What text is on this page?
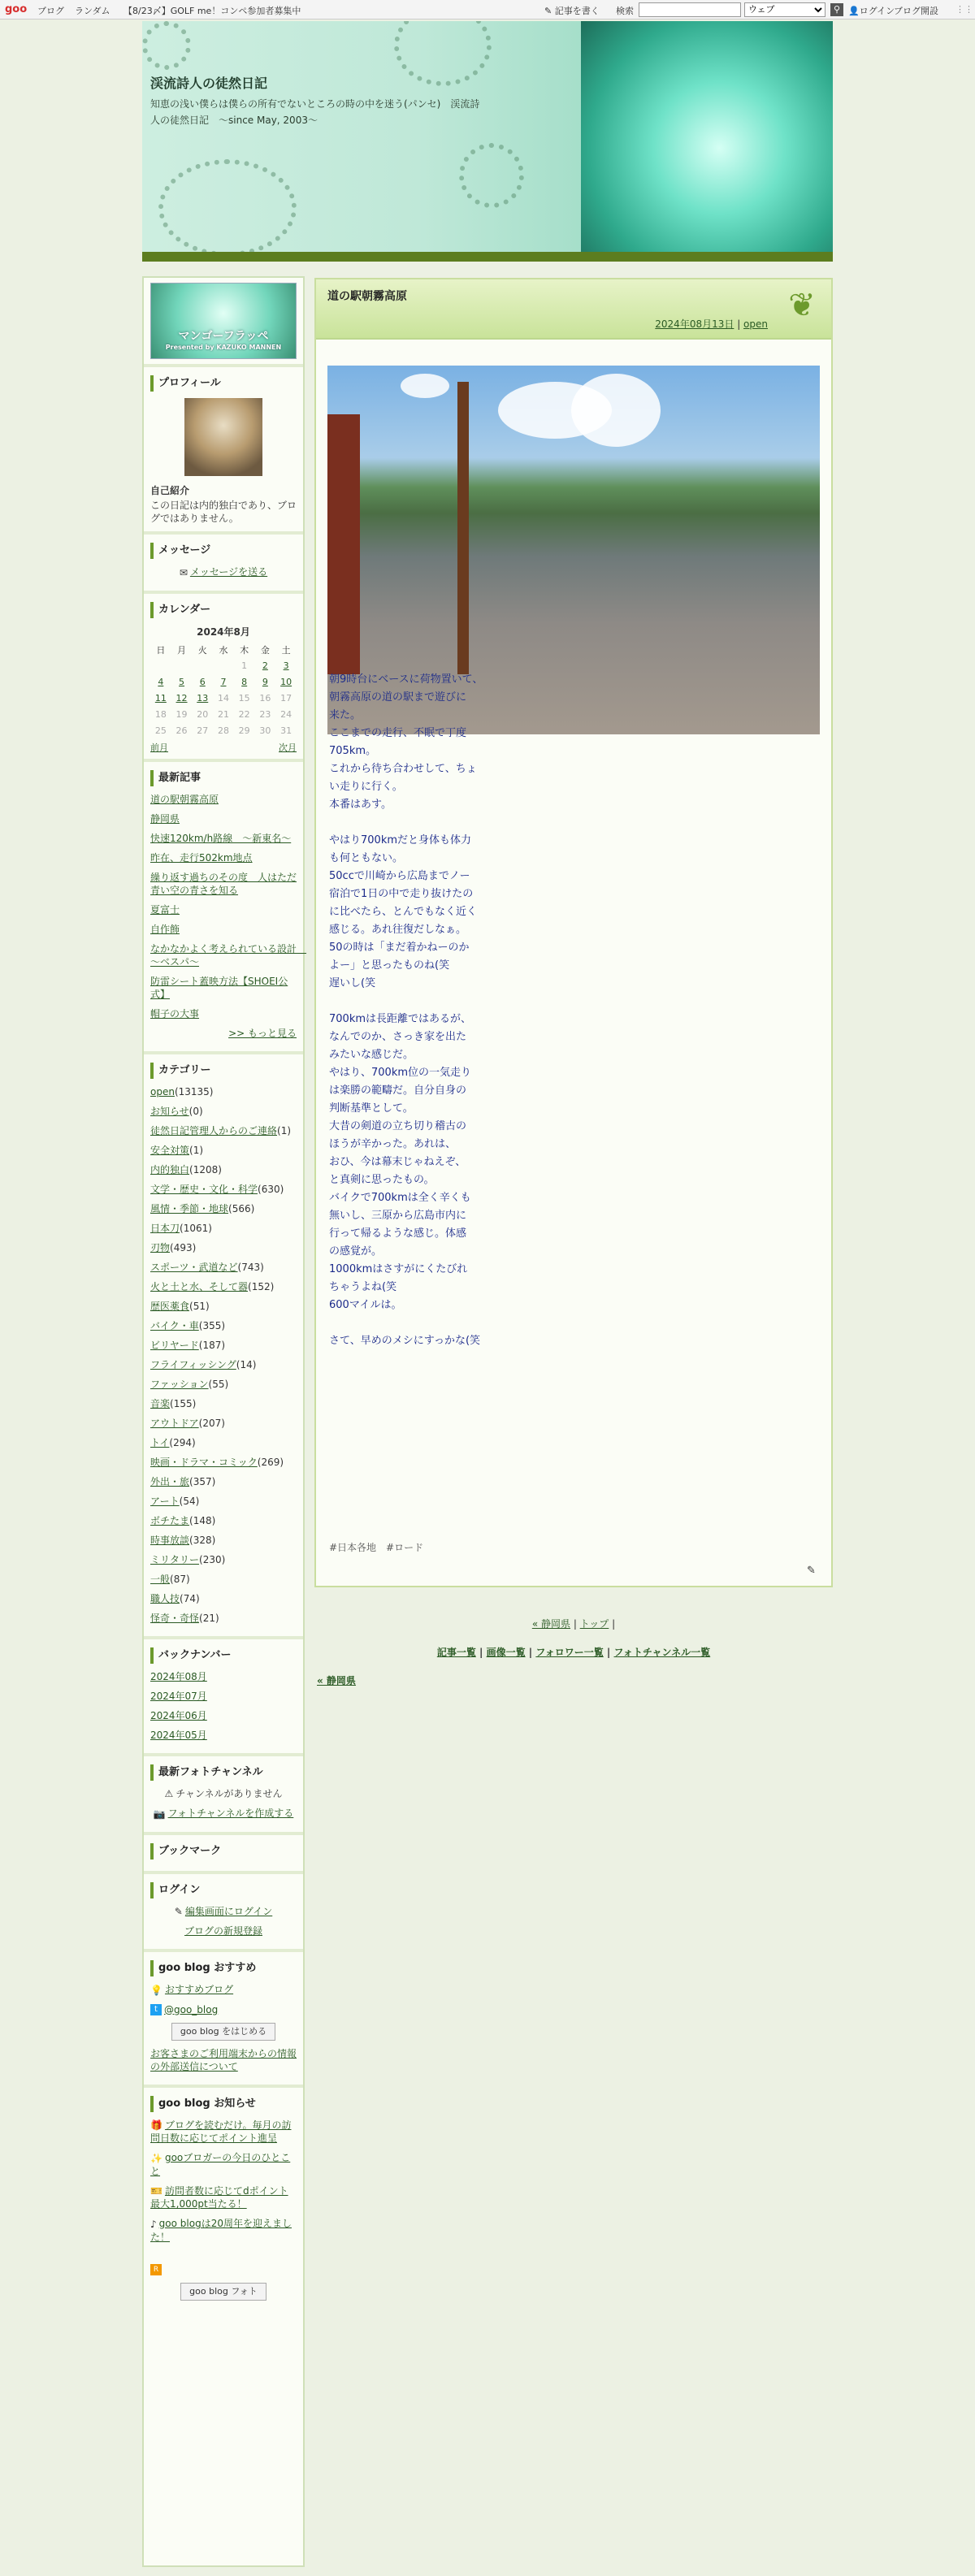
goo ブログ ランダム 【8/23〆】GOLF me！コンペ参加者募集中	✎ 記事を書く 検索
ウェブ	⚲ 👤ログイン
ブログ開設 ⋮⋮
渓流詩人の徒然日記
知恵の浅い僕らは僕らの所有でないところの時の中を迷う(パンセ)　渓流詩人の徒然日記　～since May, 2003～
マンゴーフラッペ
Presented by KAZUKO MANNEN
プロフィール
自己紹介
この日記は内的独白であり、ブログではありません。
メッセージ
✉ メッセージを送る
カレンダー
2024年8月
日	月	火	水	木	金	土
				1	2	3
4	5	6	7	8	9	10
11	12	13	14	15	16	17
18	19	20	21	22	23	24
25	26	27	28	29	30	31
前月	次月
最新記事
道の駅朝霧高原
静岡県
快速120km/h路線　～新東名～
昨在、走行502km地点
繰り返す過ちのその度　人はただ青い空の青さを知る
夏富士
自作飾
なかなかよく考えられている設計　～ベスパ～
防雷シート蓋映方法【SHOEI公式】
帽子の大事
>> もっと見る
カテゴリー
open(13135)
お知らせ(0)
徒然日記管理人からのご連絡(1)
安全対策(1)
内的独白(1208)
文学・歴史・文化・科学(630)
風情・季節・地球(566)
日本刀(1061)
刃物(493)
スポーツ・武道など(743)
火と土と水、そして器(152)
歴医薬食(51)
バイク・車(355)
ビリヤード(187)
フライフィッシング(14)
ファッション(55)
音楽(155)
アウトドア(207)
トイ(294)
映画・ドラマ・コミック(269)
外出・旅(357)
アート(54)
ボチたま(148)
時事放談(328)
ミリタリー(230)
一般(87)
職人技(74)
怪奇・奇怪(21)
バックナンバー
2024年08月
2024年07月
2024年06月
2024年05月
最新フォトチャンネル
⚠ チャンネルがありません
📷 フォトチャンネルを作成する
ブックマーク
ログイン
✎ 編集画面にログイン
ブログの新規登録
goo blog おすすめ
💡 おすすめブログ
t @goo_blog
goo blog をはじめる
お客さまのご利用端末からの情報の外部送信について
goo blog お知らせ
🎁 ブログを読むだけ。毎月の訪問日数に応じてポイント進呈
✨ gooブロガーの今日のひとこと
🎫 訪問者数に応じてdポイント最大1,000pt当たる！
♪ goo blogは20周年を迎えました！
R
goo blog フォト
道の駅朝霧高原
2024年08月13日 | open ❦
朝9時台にベースに荷物置いて、
朝霧高原の道の駅まで遊びに
来た。
ここまでの走行、不眠で丁度
705km。
これから待ち合わせして、ちょ
い走りに行く。
本番はあす。
やはり700kmだと身体も体力
も何ともない。
50ccで川崎から広島までノー
宿泊で1日の中で走り抜けたの
に比べたら、とんでもなく近く
感じる。あれ往復だしなぁ。
50の時は「まだ着かねーのか
よー」と思ったものね(笑
遅いし(笑
700kmは長距離ではあるが、
なんでのか、さっき家を出た
みたいな感じだ。
やはり、700km位の一気走り
は楽勝の範疇だ。自分自身の
判断基準として。
大昔の剣道の立ち切り稽古の
ほうが辛かった。あれは、
おひ、今は幕末じゃねえぞ、
と真剣に思ったもの。
バイクで700kmは全く辛くも
無いし、三原から広島市内に
行って帰るような感じ。体感
の感覚が。
1000kmはさすがにくたびれ
ちゃうよね(笑
600マイルは。
さて、早めのメシにすっかな(笑
#日本各地　#ロード
✎
« 静岡県 | トップ |
記事一覧 | 画像一覧 | フォロワー一覧 | フォトチャンネル一覧
« 静岡県
